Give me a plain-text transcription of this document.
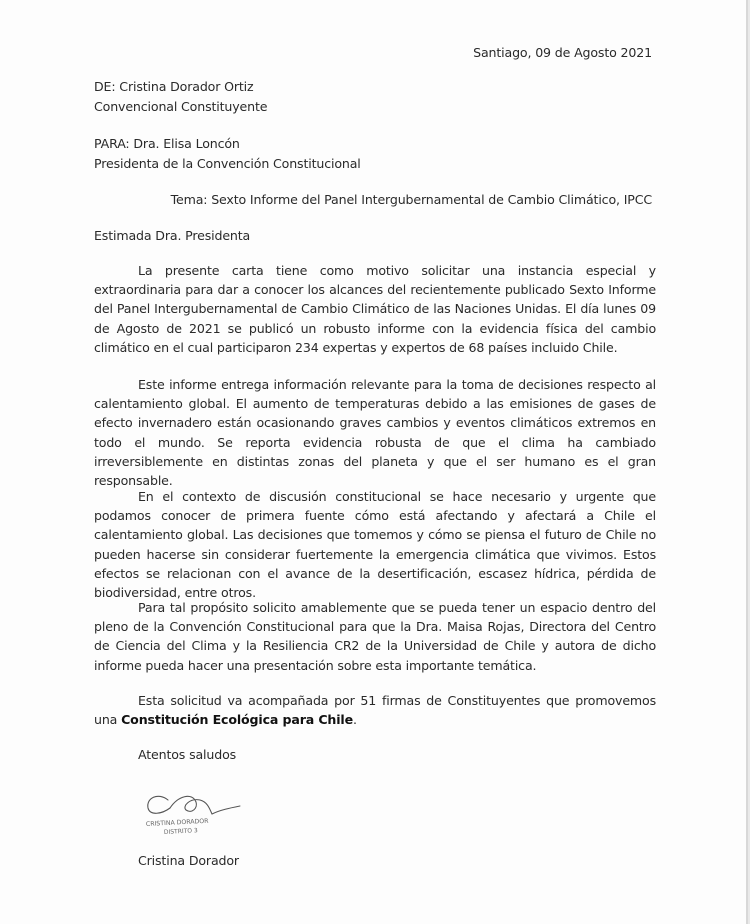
Santiago, 09 de Agosto 2021
DE: Cristina Dorador Ortiz
Convencional Constituyente
PARA: Dra. Elisa Loncón
Presidenta de la Convención Constitucional
Tema: Sexto Informe del Panel Intergubernamental de Cambio Climático, IPCC
Estimada Dra. Presidenta

La presente carta tiene como motivo solicitar una instancia especial y extraordinaria para dar a conocer los alcances del recientemente publicado Sexto Informe del Panel Intergubernamental de Cambio Climático de las Naciones Unidas. El día lunes 09 de Agosto de 2021 se publicó un robusto informe con la evidencia física del cambio climático en el cual participaron 234 expertas y expertos de 68 países incluido Chile.

Este informe entrega información relevante para la toma de decisiones respecto al calentamiento global. El aumento de temperaturas debido a las emisiones de gases de efecto invernadero están ocasionando graves cambios y eventos climáticos extremos en todo el mundo. Se reporta evidencia robusta de que el clima ha cambiado irreversiblemente en distintas zonas del planeta y que el ser humano es el gran responsable.

En el contexto de discusión constitucional se hace necesario y urgente que podamos conocer de primera fuente cómo está afectando y afectará a Chile el calentamiento global. Las decisiones que tomemos y cómo se piensa el futuro de Chile no pueden hacerse sin considerar fuertemente la emergencia climática que vivimos. Estos efectos se relacionan con el avance de la desertificación, escasez hídrica, pérdida de biodiversidad, entre otros.

Para tal propósito solicito amablemente que se pueda tener un espacio dentro del pleno de la Convención Constitucional para que la Dra. Maisa Rojas, Directora del Centro de Ciencia del Clima y la Resiliencia CR2 de la Universidad de Chile y autora de dicho informe pueda hacer una presentación sobre esta importante temática.

Esta solicitud va acompañada por 51 firmas de Constituyentes que promovemos una Constitución Ecológica para Chile.

Atentos saludos
CRISTINA DORADOR
DISTRITO 3
Cristina Dorador
